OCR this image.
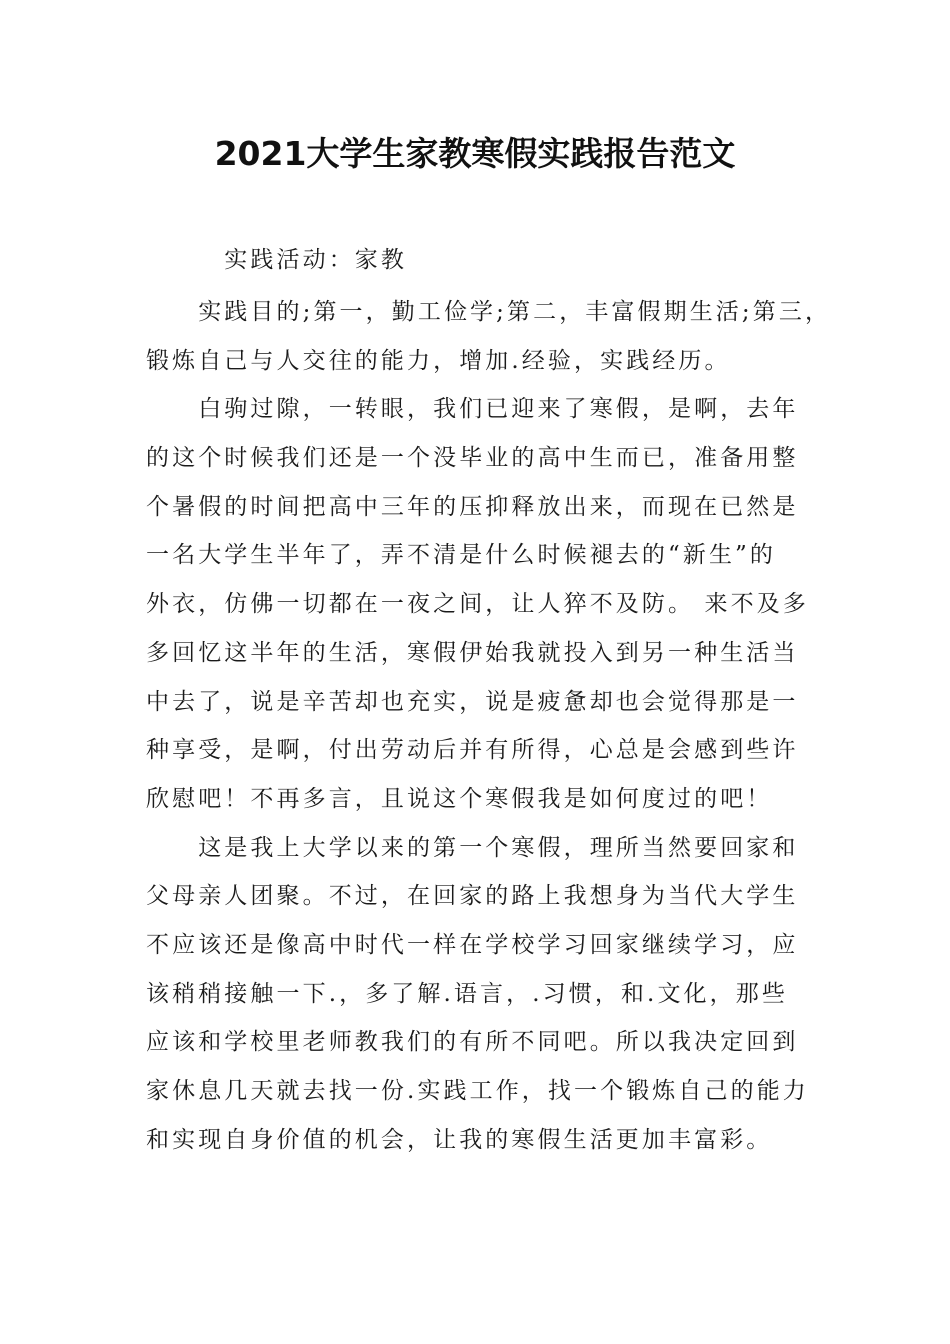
2021大学生家教寒假实践报告范文
　　　实践活动：家教
　　实践目的;第一，勤工俭学;第二，丰富假期生活;第三，
锻炼自己与人交往的能力，增加.经验，实践经历。
　　白驹过隙，一转眼，我们已迎来了寒假，是啊，去年
的这个时候我们还是一个没毕业的高中生而已，准备用整
个暑假的时间把高中三年的压抑释放出来，而现在已然是
一名大学生半年了，弄不清是什么时候褪去的“新生”的
外衣，仿佛一切都在一夜之间，让人猝不及防。 来不及多
多回忆这半年的生活，寒假伊始我就投入到另一种生活当
中去了，说是辛苦却也充实，说是疲惫却也会觉得那是一
种享受，是啊，付出劳动后并有所得，心总是会感到些许
欣慰吧！不再多言，且说这个寒假我是如何度过的吧！
　　这是我上大学以来的第一个寒假，理所当然要回家和
父母亲人团聚。不过，在回家的路上我想身为当代大学生
不应该还是像高中时代一样在学校学习回家继续学习，应
该稍稍接触一下.，多了解.语言，.习惯，和.文化，那些
应该和学校里老师教我们的有所不同吧。所以我决定回到
家休息几天就去找一份.实践工作，找一个锻炼自己的能力
和实现自身价值的机会，让我的寒假生活更加丰富彩。
